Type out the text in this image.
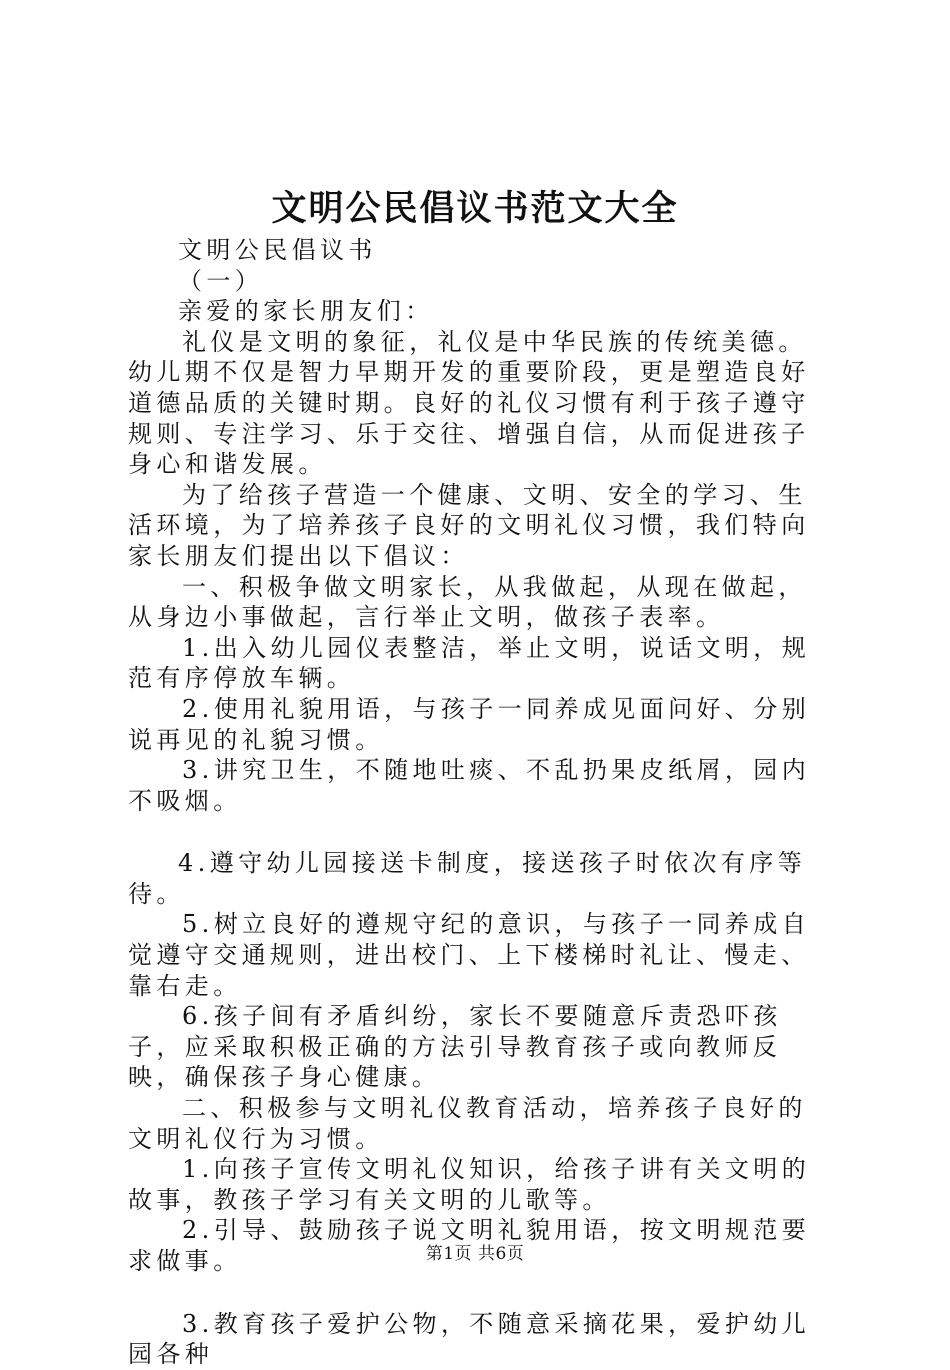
文明公民倡议书范文大全

文明公民倡议书

（一）

亲爱的家长朋友们：

礼仪是文明的象征，礼仪是中华民族的传统美德。幼儿期不仅是智力早期开发的重要阶段，更是塑造良好道德品质的关键时期。良好的礼仪习惯有利于孩子遵守规则、专注学习、乐于交往、增强自信，从而促进孩子身心和谐发展。

为了给孩子营造一个健康、文明、安全的学习、生活环境，为了培养孩子良好的文明礼仪习惯，我们特向家长朋友们提出以下倡议：

一、积极争做文明家长，从我做起，从现在做起，从身边小事做起，言行举止文明，做孩子表率。

1.出入幼儿园仪表整洁，举止文明，说话文明，规范有序停放车辆。

2.使用礼貌用语，与孩子一同养成见面问好、分别说再见的礼貌习惯。

3.讲究卫生，不随地吐痰、不乱扔果皮纸屑，园内不吸烟。

4.遵守幼儿园接送卡制度，接送孩子时依次有序等待。

5.树立良好的遵规守纪的意识，与孩子一同养成自觉遵守交通规则，进出校门、上下楼梯时礼让、慢走、靠右走。

6.孩子间有矛盾纠纷，家长不要随意斥责恐吓孩子，应采取积极正确的方法引导教育孩子或向教师反映，确保孩子身心健康。

二、积极参与文明礼仪教育活动，培养孩子良好的文明礼仪行为习惯。

1.向孩子宣传文明礼仪知识，给孩子讲有关文明的故事，教孩子学习有关文明的儿歌等。

2.引导、鼓励孩子说文明礼貌用语，按文明规范要求做事。

3.教育孩子爱护公物，不随意采摘花果，爱护幼儿园各种

第1页 共6页
